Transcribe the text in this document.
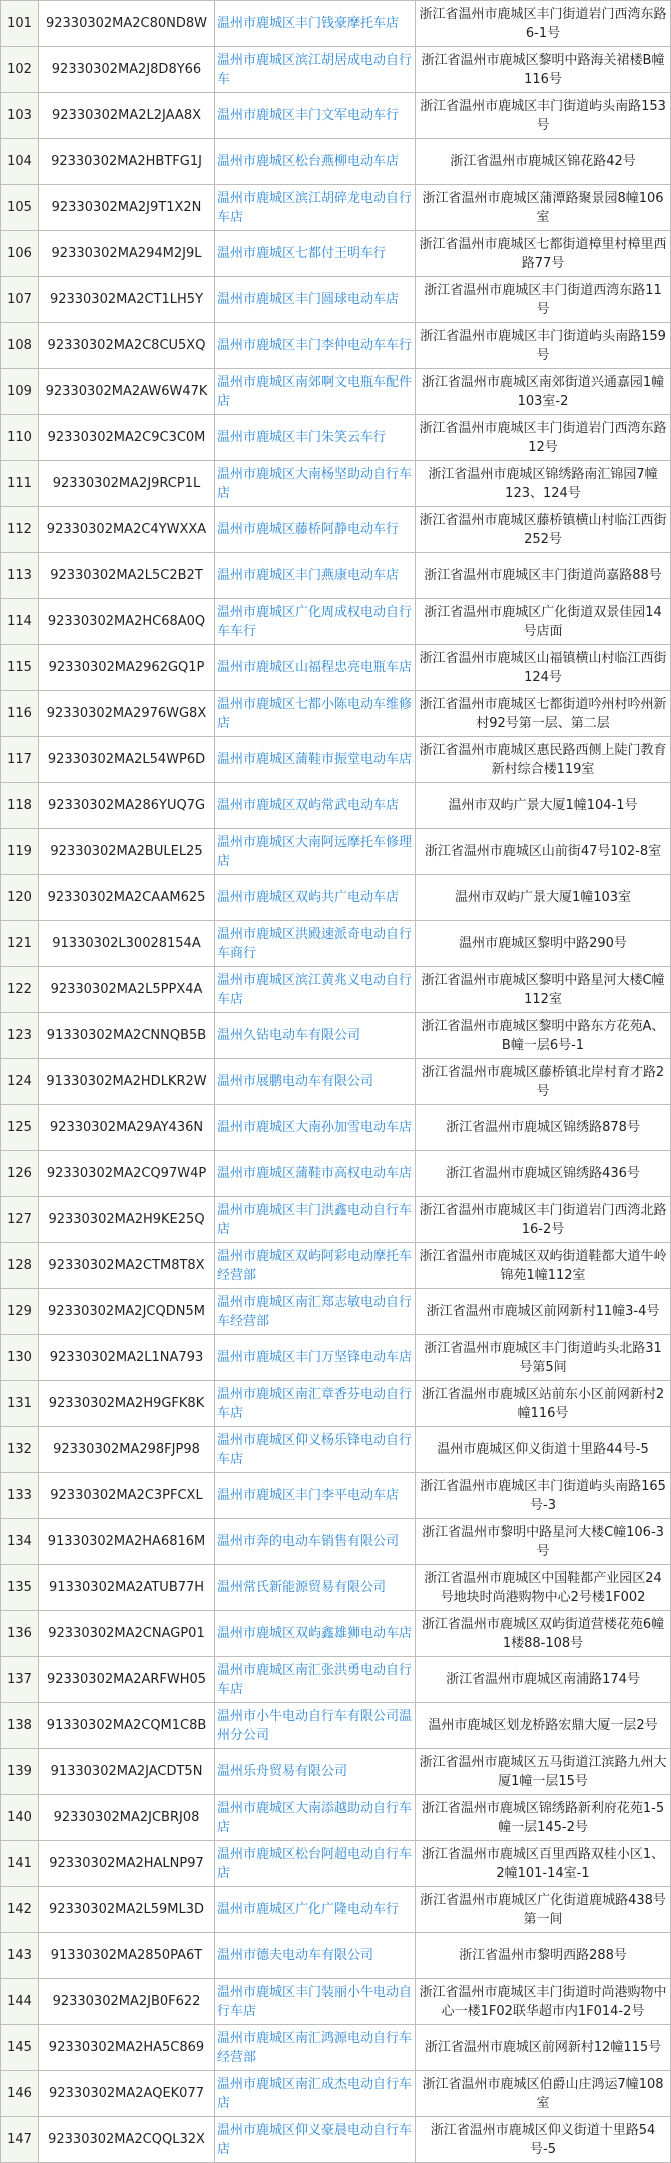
101	92330302MA2C80ND8W	温州市鹿城区丰门钱豪摩托车店	浙江省温州市鹿城区丰门街道岩门西湾东路6-1号
102	92330302MA2J8D8Y66	温州市鹿城区滨江胡居成电动自行车	浙江省温州市鹿城区黎明中路海关裙楼B幢116号
103	92330302MA2L2JAA8X	温州市鹿城区丰门文军电动车行	浙江省温州市鹿城区丰门街道屿头南路153号
104	92330302MA2HBTFG1J	温州市鹿城区松台燕柳电动车店	浙江省温州市鹿城区锦花路42号
105	92330302MA2J9T1X2N	温州市鹿城区滨江胡碎龙电动自行车店	浙江省温州市鹿城区蒲潭路聚景园8幢106室
106	92330302MA294M2J9L	温州市鹿城区七都付王明车行	浙江省温州市鹿城区七都街道樟里村樟里西路77号
107	92330302MA2CT1LH5Y	温州市鹿城区丰门圆球电动车店	浙江省温州市鹿城区丰门街道西湾东路11号
108	92330302MA2C8CU5XQ	温州市鹿城区丰门李仲电动车车行	浙江省温州市鹿城区丰门街道屿头南路159号
109	92330302MA2AW6W47K	温州市鹿城区南郊啊文电瓶车配件店	浙江省温州市鹿城区南郊街道兴通嘉园1幢103室-2
110	92330302MA2C9C3C0M	温州市鹿城区丰门朱笑云车行	浙江省温州市鹿城区丰门街道岩门西湾东路12号
111	92330302MA2J9RCP1L	温州市鹿城区大南杨坚助动自行车店	浙江省温州市鹿城区锦绣路南汇锦园7幢123、124号
112	92330302MA2C4YWXXA	温州市鹿城区藤桥阿静电动车行	浙江省温州市鹿城区藤桥镇横山村临江西街252号
113	92330302MA2L5C2B2T	温州市鹿城区丰门燕康电动车店	浙江省温州市鹿城区丰门街道尚嘉路88号
114	92330302MA2HC68A0Q	温州市鹿城区广化周成权电动自行车车行	浙江省温州市鹿城区广化街道双景佳园14号店面
115	92330302MA2962GQ1P	温州市鹿城区山福程忠亮电瓶车店	浙江省温州市鹿城区山福镇横山村临江西街124号
116	92330302MA2976WG8X	温州市鹿城区七都小陈电动车维修店	浙江省温州市鹿城区七都街道吟州村吟州新村92号第一层、第二层
117	92330302MA2L54WP6D	温州市鹿城区蒲鞋市振堂电动车店	浙江省温州市鹿城区惠民路西侧上陡门教育新村综合楼119室
118	92330302MA286YUQ7G	温州市鹿城区双屿常武电动车店	温州市双屿广景大厦1幢104-1号
119	92330302MA2BULEL25	温州市鹿城区大南阿远摩托车修理店	浙江省温州市鹿城区山前街47号102-8室
120	92330302MA2CAAM625	温州市鹿城区双屿共广电动车店	温州市双屿广景大厦1幢103室
121	91330302L30028154A	温州市鹿城区洪殿速派奇电动自行车商行	温州市鹿城区黎明中路290号
122	92330302MA2L5PPX4A	温州市鹿城区滨江黄兆义电动自行车店	浙江省温州市鹿城区黎明中路星河大楼C幢112室
123	91330302MA2CNNQB5B	温州久钻电动车有限公司	浙江省温州市鹿城区黎明中路东方花苑A、B幢一层6号-1
124	91330302MA2HDLKR2W	温州市展鹏电动车有限公司	浙江省温州市鹿城区藤桥镇北岸村育才路2号
125	92330302MA29AY436N	温州市鹿城区大南孙加雪电动车店	浙江省温州市鹿城区锦绣路878号
126	92330302MA2CQ97W4P	温州市鹿城区蒲鞋市高权电动车店	浙江省温州市鹿城区锦绣路436号
127	92330302MA2H9KE25Q	温州市鹿城区丰门洪鑫电动自行车店	浙江省温州市鹿城区丰门街道岩门西湾北路16-2号
128	92330302MA2CTM8T8X	温州市鹿城区双屿阿彩电动摩托车经营部	浙江省温州市鹿城区双屿街道鞋都大道牛岭锦苑1幢112室
129	92330302MA2JCQDN5M	温州市鹿城区南汇郑志敏电动自行车经营部	浙江省温州市鹿城区前网新村11幢3-4号
130	92330302MA2L1NA793	温州市鹿城区丰门万坚锋电动车店	浙江省温州市鹿城区丰门街道屿头北路31号第5间
131	92330302MA2H9GFK8K	温州市鹿城区南汇章香芬电动自行车店	浙江省温州市鹿城区站前东小区前网新村2幢116号
132	92330302MA298FJP98	温州市鹿城区仰义杨乐锋电动自行车店	温州市鹿城区仰义街道十里路44号-5
133	92330302MA2C3PFCXL	温州市鹿城区丰门李平电动车店	浙江省温州市鹿城区丰门街道屿头南路165号-3
134	91330302MA2HA6816M	温州市奔的电动车销售有限公司	浙江省温州市黎明中路星河大楼C幢106-3号
135	91330302MA2ATUB77H	温州常氏新能源贸易有限公司	浙江省温州市鹿城区中国鞋都产业园区24号地块时尚港购物中心2号楼1F002
136	92330302MA2CNAGP01	温州市鹿城区双屿鑫雄狮电动车店	浙江省温州市鹿城区双屿街道营楼花苑6幢1楼88-108号
137	92330302MA2ARFWH05	温州市鹿城区南汇张洪勇电动自行车店	浙江省温州市鹿城区南浦路174号
138	91330302MA2CQM1C8B	温州市小牛电动自行车有限公司温州分公司	温州市鹿城区划龙桥路宏鼎大厦一层2号
139	91330302MA2JACDT5N	温州乐舟贸易有限公司	浙江省温州市鹿城区五马街道江滨路九州大厦1幢一层15号
140	92330302MA2JCBRJ08	温州市鹿城区大南添越助动自行车店	浙江省温州市鹿城区锦绣路新利府花苑1-5幢一层145-2号
141	92330302MA2HALNP97	温州市鹿城区松台阿超电动自行车店	浙江省温州市鹿城区百里西路双桂小区1、2幢101-14室-1
142	92330302MA2L59ML3D	温州市鹿城区广化广隆电动车行	浙江省温州市鹿城区广化街道鹿城路438号第一间
143	91330302MA2850PA6T	温州市德夫电动车有限公司	浙江省温州市黎明西路288号
144	92330302MA2JB0F622	温州市鹿城区丰门装丽小牛电动自行车店	浙江省温州市鹿城区丰门街道时尚港购物中心一楼1F02联华超市内1F014-2号
145	92330302MA2HA5C869	温州市鹿城区南汇鸿源电动自行车经营部	浙江省温州市鹿城区前网新村12幢115号
146	92330302MA2AQEK077	温州市鹿城区南汇成杰电动自行车店	浙江省温州市鹿城区伯爵山庄鸿运7幢108室
147	92330302MA2CQQL32X	温州市鹿城区仰义豪晨电动自行车店	浙江省温州市鹿城区仰义街道十里路54号-5
